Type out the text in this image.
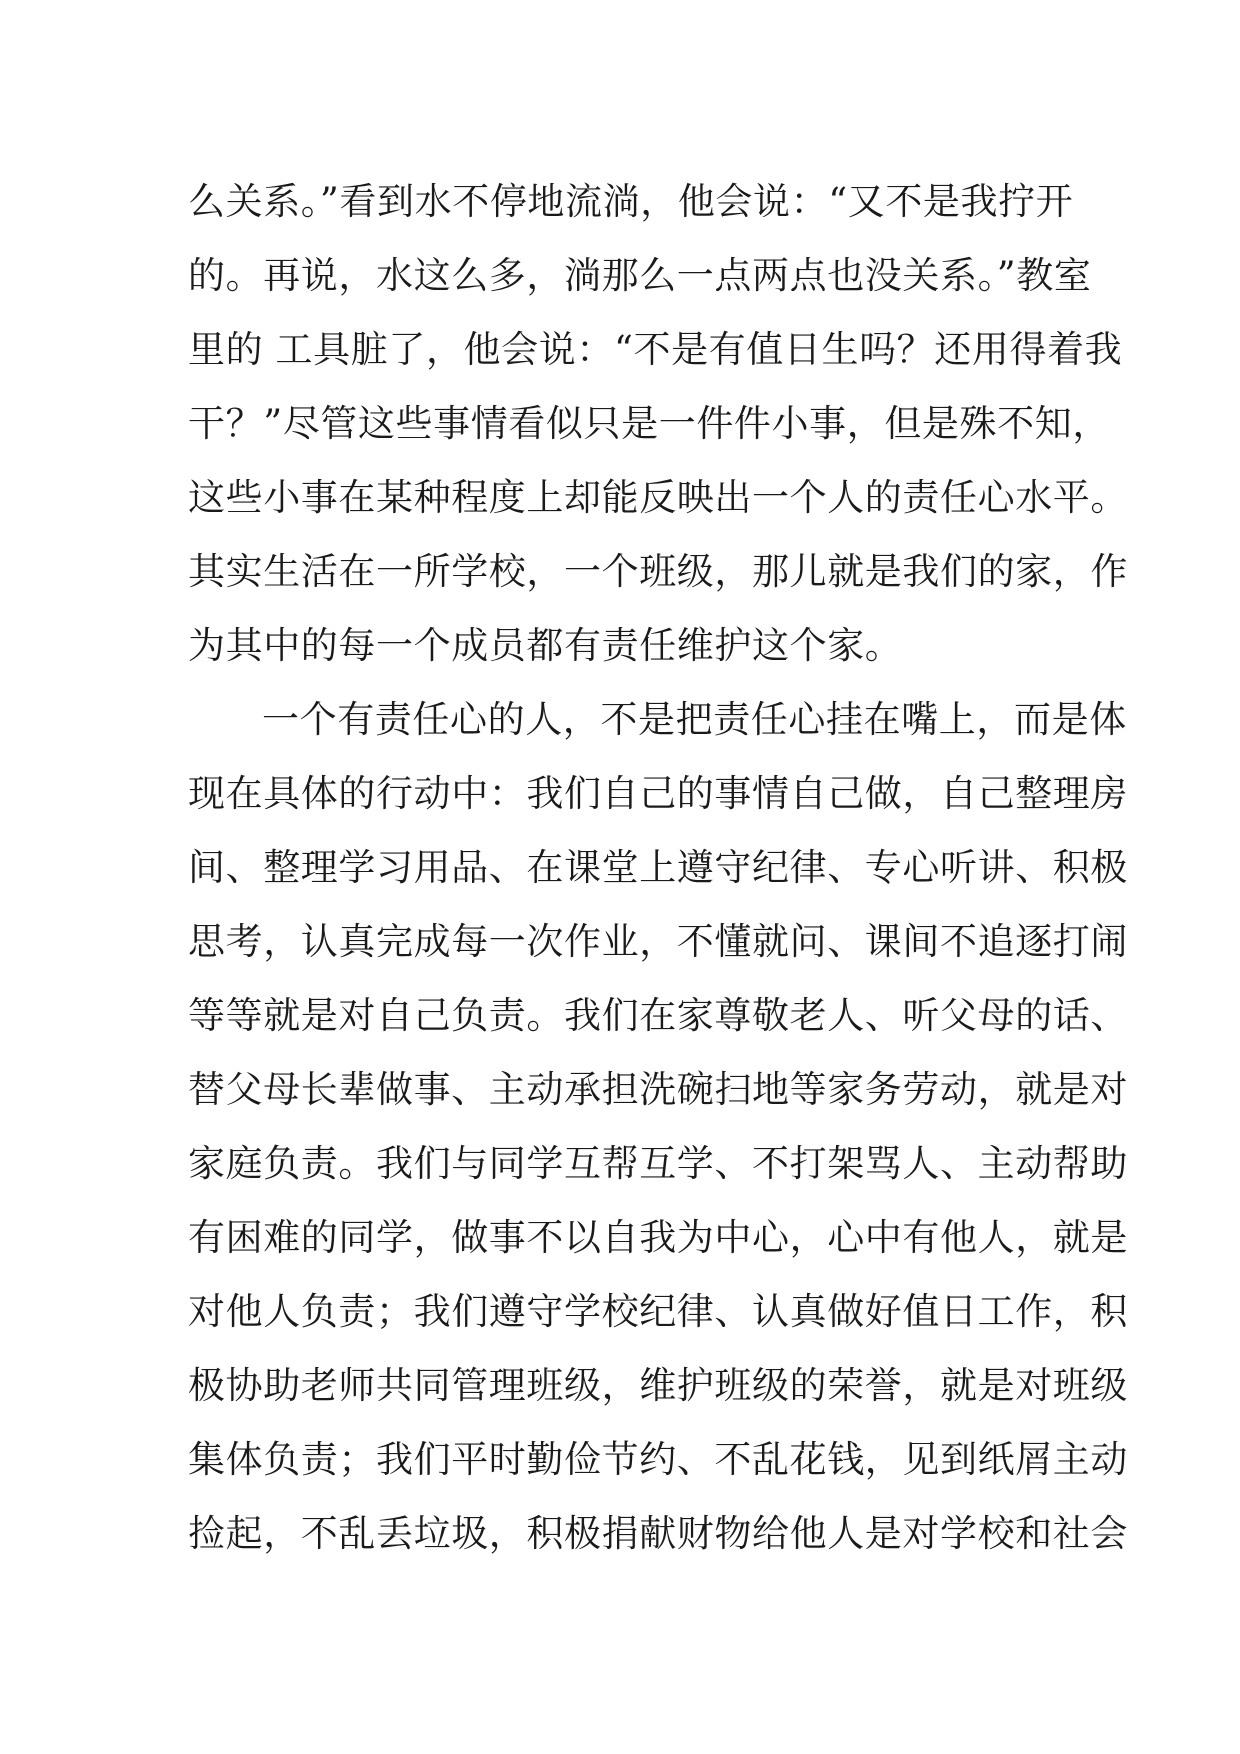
么关系。”看到水不停地流淌，他会说：“又不是我拧开
的。再说，水这么多，淌那么一点两点也没关系。”教室
里的 工具脏了，他会说：“不是有值日生吗？还用得着我
干？”尽管这些事情看似只是一件件小事，但是殊不知，
这些小事在某种程度上却能反映出一个人的责任心水平。
其实生活在一所学校，一个班级，那儿就是我们的家，作
为其中的每一个成员都有责任维护这个家。
一个有责任心的人，不是把责任心挂在嘴上，而是体
现在具体的行动中：我们自己的事情自己做，自己整理房
间、整理学习用品、在课堂上遵守纪律、专心听讲、积极
思考，认真完成每一次作业，不懂就问、课间不追逐打闹
等等就是对自己负责。我们在家尊敬老人、听父母的话、
替父母长辈做事、主动承担洗碗扫地等家务劳动，就是对
家庭负责。我们与同学互帮互学、不打架骂人、主动帮助
有困难的同学，做事不以自我为中心，心中有他人，就是
对他人负责；我们遵守学校纪律、认真做好值日工作，积
极协助老师共同管理班级，维护班级的荣誉，就是对班级
集体负责；我们平时勤俭节约、不乱花钱，见到纸屑主动
捡起，不乱丢垃圾，积极捐献财物给他人是对学校和社会
